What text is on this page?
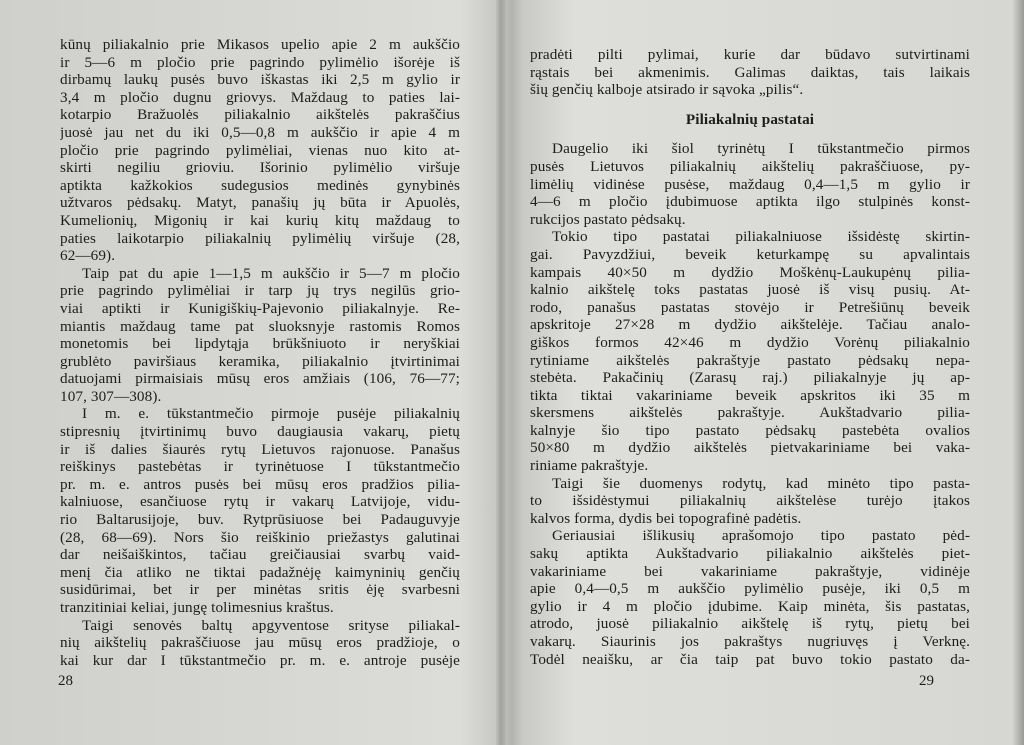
kūnų piliakalnio prie Mikasos upelio apie 2 m aukščio
ir 5—6 m pločio prie pagrindo pylimėlio išorėje iš
dirbamų laukų pusės buvo iškastas iki 2,5 m gylio ir
3,4 m pločio dugnu griovys. Maždaug to paties lai-
kotarpio Bražuolės piliakalnio aikštelės pakraščius
juosė jau net du iki 0,5—0,8 m aukščio ir apie 4 m
pločio prie pagrindo pylimėliai, vienas nuo kito at-
skirti negiliu grioviu. Išorinio pylimėlio viršuje
aptikta kažkokios sudegusios medinės gynybinės
užtvaros pėdsakų. Matyt, panašių jų būta ir Apuolės,
Kumelionių, Migonių ir kai kurių kitų maždaug to
paties laikotarpio piliakalnių pylimėlių viršuje (28,
62—69).
Taip pat du apie 1—1,5 m aukščio ir 5—7 m pločio
prie pagrindo pylimėliai ir tarp jų trys negilūs grio-
viai aptikti ir Kunigiškių-Pajevonio piliakalnyje. Re-
miantis maždaug tame pat sluoksnyje rastomis Romos
monetomis bei lipdytąja brūkšniuoto ir neryškiai
grublėto paviršiaus keramika, piliakalnio įtvirtinimai
datuojami pirmaisiais mūsų eros amžiais (106, 76—77;
107, 307—308).
I m. e. tūkstantmečio pirmoje pusėje piliakalnių
stipresnių įtvirtinimų buvo daugiausia vakarų, pietų
ir iš dalies šiaurės rytų Lietuvos rajonuose. Panašus
reiškinys pastebėtas ir tyrinėtuose I tūkstantmečio
pr. m. e. antros pusės bei mūsų eros pradžios pilia-
kalniuose, esančiuose rytų ir vakarų Latvijoje, vidu-
rio Baltarusijoje, buv. Rytprūsiuose bei Padauguvyje
(28, 68—69). Nors šio reiškinio priežastys galutinai
dar neišaiškintos, tačiau greičiausiai svarbų vaid-
menį čia atliko ne tiktai padažnėję kaimyninių genčių
susidūrimai, bet ir per minėtas sritis ėję svarbesni
tranzitiniai keliai, jungę tolimesnius kraštus.
Taigi senovės baltų apgyventose srityse piliakal-
nių aikštelių pakraščiuose jau mūsų eros pradžioje, o
kai kur dar I tūkstantmečio pr. m. e. antroje pusėje
28
pradėti pilti pylimai, kurie dar būdavo sutvirtinami
rąstais bei akmenimis. Galimas daiktas, tais laikais
šių genčių kalboje atsirado ir sąvoka „pilis“.
Piliakalnių pastatai
Daugelio iki šiol tyrinėtų I tūkstantmečio pirmos
pusės Lietuvos piliakalnių aikštelių pakraščiuose, py-
limėlių vidinėse pusėse, maždaug 0,4—1,5 m gylio ir
4—6 m pločio įdubimuose aptikta ilgo stulpinės konst-
rukcijos pastato pėdsakų.
Tokio tipo pastatai piliakalniuose išsidėstę skirtin-
gai. Pavyzdžiui, beveik keturkampę su apvalintais
kampais 40×50 m dydžio Moškėnų-Laukupėnų pilia-
kalnio aikštelę toks pastatas juosė iš visų pusių. At-
rodo, panašus pastatas stovėjo ir Petrešiūnų beveik
apskritoje 27×28 m dydžio aikštelėje. Tačiau analo-
giškos formos 42×46 m dydžio Vorėnų piliakalnio
rytiniame aikštelės pakraštyje pastato pėdsakų nepa-
stebėta. Pakačinių (Zarasų raj.) piliakalnyje jų ap-
tikta tiktai vakariniame beveik apskritos iki 35 m
skersmens aikštelės pakraštyje. Aukštadvario pilia-
kalnyje šio tipo pastato pėdsakų pastebėta ovalios
50×80 m dydžio aikštelės pietvakariniame bei vaka-
riniame pakraštyje.
Taigi šie duomenys rodytų, kad minėto tipo pasta-
to išsidėstymui piliakalnių aikštelėse turėjo įtakos
kalvos forma, dydis bei topografinė padėtis.
Geriausiai išlikusių aprašomojo tipo pastato pėd-
sakų aptikta Aukštadvario piliakalnio aikštelės piet-
vakariniame bei vakariniame pakraštyje, vidinėje
apie 0,4—0,5 m aukščio pylimėlio pusėje, iki 0,5 m
gylio ir 4 m pločio įdubime. Kaip minėta, šis pastatas,
atrodo, juosė piliakalnio aikštelę iš rytų, pietų bei
vakarų. Siaurinis jos pakraštys nugriuvęs į Verknę.
Todėl neaišku, ar čia taip pat buvo tokio pastato da-
29
